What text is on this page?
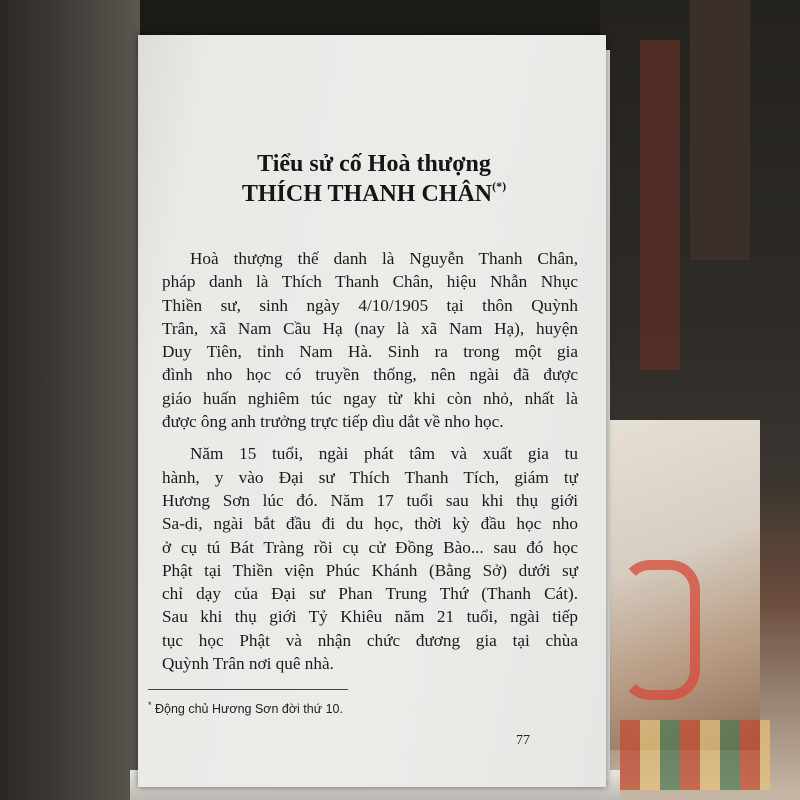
Tiểu sử cố Hoà thượng
THÍCH THANH CHÂN(*)

Hoà thượng thế danh là Nguyễn Thanh Chân,
pháp danh là Thích Thanh Chân, hiệu Nhẫn Nhục
Thiền sư, sinh ngày 4/10/1905 tại thôn Quỳnh
Trân, xã Nam Cầu Hạ (nay là xã Nam Hạ), huyện
Duy Tiên, tỉnh Nam Hà. Sinh ra trong một gia
đình nho học có truyền thống, nên ngài đã được
giáo huấn nghiêm túc ngay từ khi còn nhỏ, nhất là
được ông anh trưởng trực tiếp dìu dắt về nho học.

Năm 15 tuổi, ngài phát tâm và xuất gia tu
hành, y vào Đại sư Thích Thanh Tích, giám tự
Hương Sơn lúc đó. Năm 17 tuổi sau khi thụ giới
Sa-di, ngài bắt đầu đi du học, thời kỳ đầu học nho
ở cụ tú Bát Tràng rồi cụ cử Đồng Bào... sau đó học
Phật tại Thiền viện Phúc Khánh (Bằng Sở) dưới sự
chỉ dạy của Đại sư Phan Trung Thứ (Thanh Cát).
Sau khi thụ giới Tỷ Khiêu năm 21 tuổi, ngài tiếp
tục học Phật và nhận chức đương gia tại chùa
Quỳnh Trân nơi quê nhà.

* Động chủ Hương Sơn đời thứ 10.
77
